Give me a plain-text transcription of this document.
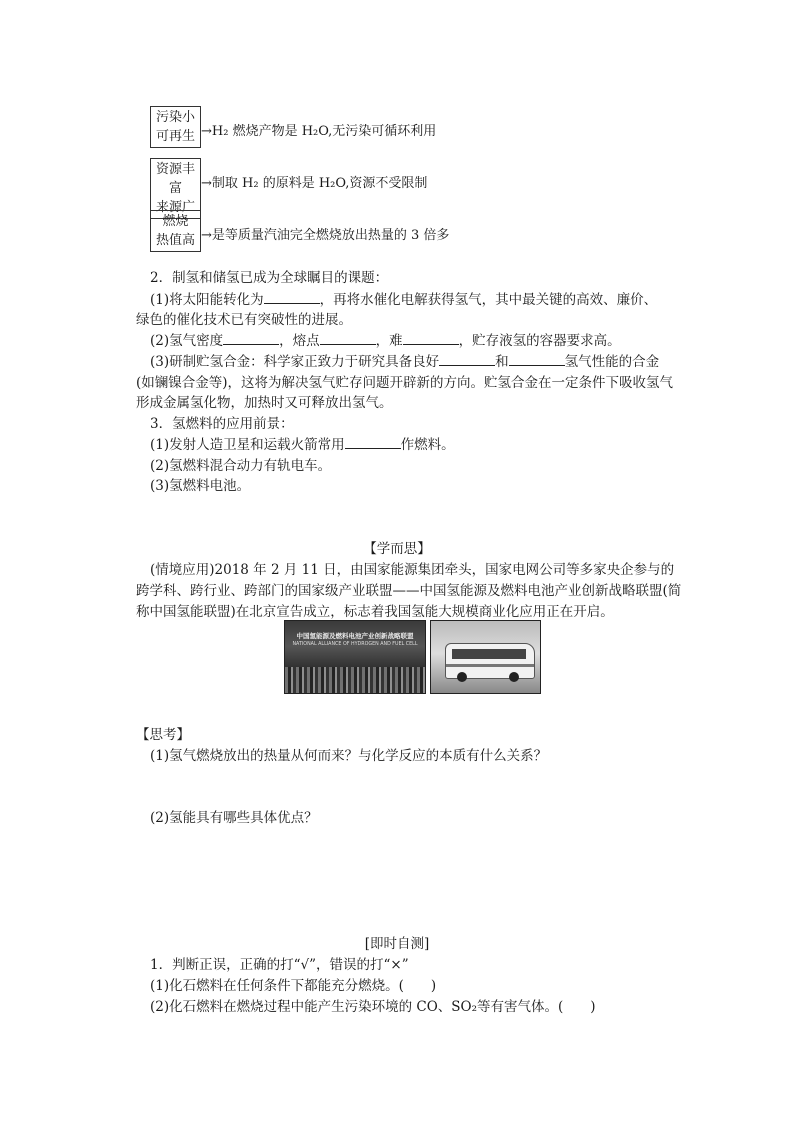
污染小
可再生 →H₂ 燃烧产物是 H₂O,无污染可循环利用
资源丰富
来源广
→制取 H₂ 的原料是 H₂O,资源不受限制
燃烧
热值高 →是等质量汽油完全燃烧放出热量的 3 倍多
2．制氢和储氢已成为全球瞩目的课题：
(1)将太阳能转化为	，再将水催化电解获得氢气，其中最关键的高效、廉价、
绿色的催化技术已有突破性的进展。
(2)氢气密度	，熔点	，难	，贮存液氢的容器要求高。
(3)研制贮氢合金：科学家正致力于研究具备良好	和	氢气性能的合金
(如镧镍合金等)，这将为解决氢气贮存问题开辟新的方向。贮氢合金在一定条件下吸收氢气
形成金属氢化物，加热时又可释放出氢气。
3．氢燃料的应用前景：
(1)发射人造卫星和运载火箭常用	作燃料。
(2)氢燃料混合动力有轨电车。
(3)氢燃料电池。
【学而思】
(情境应用)2018 年 2 月 11 日，由国家能源集团牵头，国家电网公司等多家央企参与的
跨学科、跨行业、跨部门的国家级产业联盟——中国氢能源及燃料电池产业创新战略联盟(简
称中国氢能联盟)在北京宣告成立，标志着我国氢能大规模商业化应用正在开启。
中国氢能源及燃料电池产业创新战略联盟
NATIONAL ALLIANCE OF HYDROGEN AND FUEL CELL
【思考】
(1)氢气燃烧放出的热量从何而来？与化学反应的本质有什么关系？
(2)氢能具有哪些具体优点？
[即时自测]
1．判断正误，正确的打“√”，错误的打“×”
(1)化石燃料在任何条件下都能充分燃烧。(　　)
(2)化石燃料在燃烧过程中能产生污染环境的 CO、SO₂等有害气体。(　　)
